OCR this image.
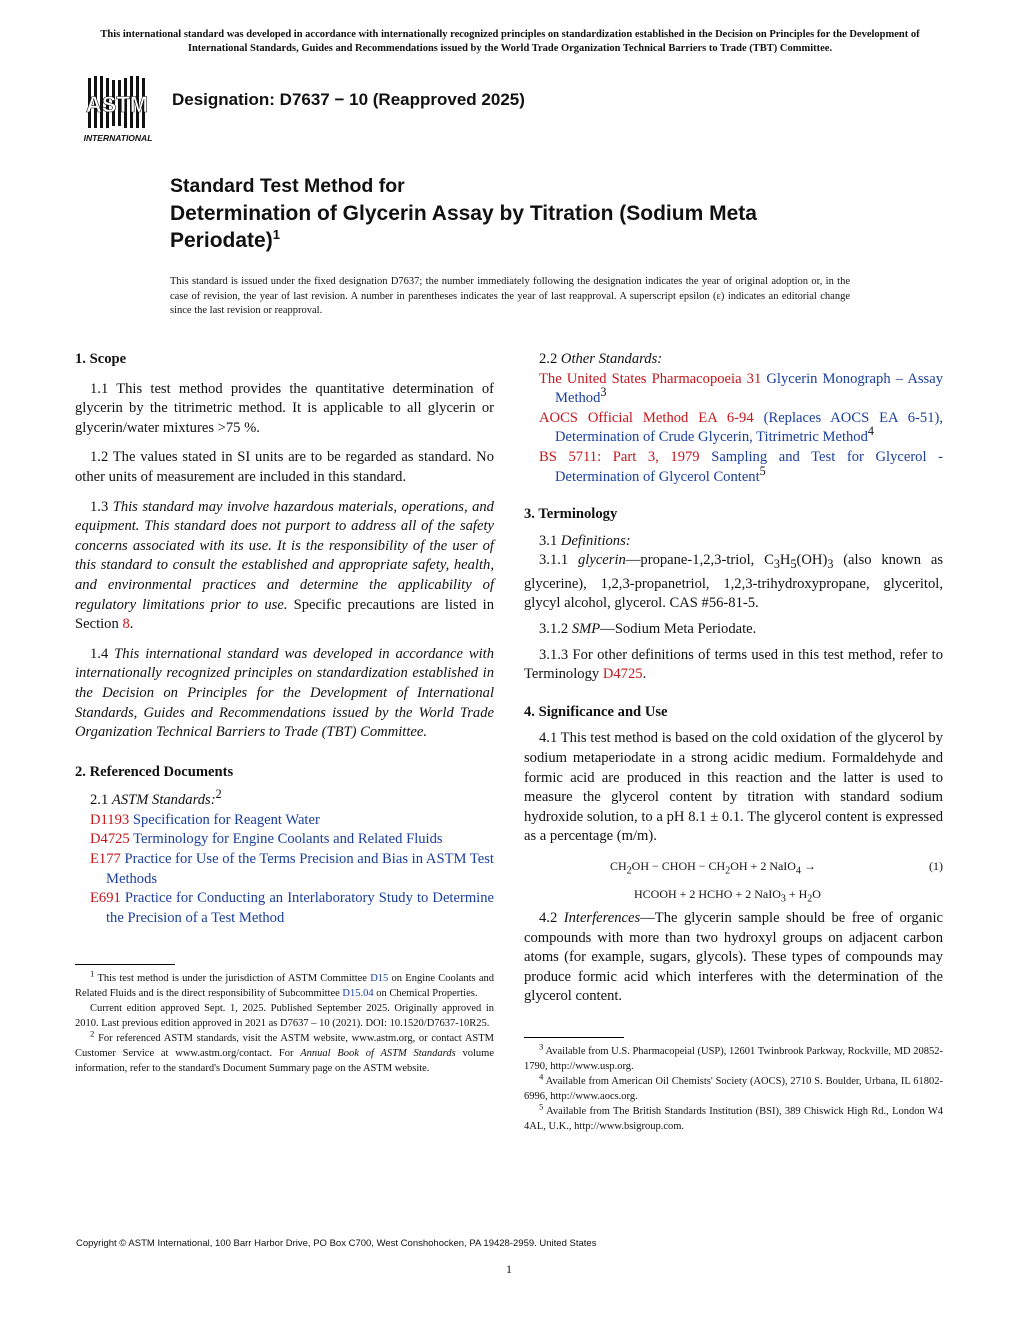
This international standard was developed in accordance with internationally recognized principles on standardization established in the Decision on Principles for the Development of International Standards, Guides and Recommendations issued by the World Trade Organization Technical Barriers to Trade (TBT) Committee.
ASTM
INTERNATIONAL
Designation: D7637 − 10 (Reapproved 2025)
Standard Test Method for
Determination of Glycerin Assay by Titration (Sodium Meta Periodate)$^1$
This standard is issued under the fixed designation D7637; the number immediately following the designation indicates the year of original adoption or, in the case of revision, the year of last revision. A number in parentheses indicates the year of last reapproval. A superscript epsilon (ε) indicates an editorial change since the last revision or reapproval.

1. Scope

1.1 This test method provides the quantitative determination of glycerin by the titrimetric method. It is applicable to all glycerin or glycerin/water mixtures >75 %.

1.2 The values stated in SI units are to be regarded as standard. No other units of measurement are included in this standard.

1.3 This standard may involve hazardous materials, operations, and equipment. This standard does not purport to address all of the safety concerns associated with its use. It is the responsibility of the user of this standard to consult the established and appropriate safety, health, and environmental practices and determine the applicability of regulatory limitations prior to use. Specific precautions are listed in Section 8.

1.4 This international standard was developed in accordance with internationally recognized principles on standardization established in the Decision on Principles for the Development of International Standards, Guides and Recommendations issued by the World Trade Organization Technical Barriers to Trade (TBT) Committee.

2. Referenced Documents

2.1 ASTM Standards:$^2$

D1193 Specification for Reagent Water

D4725 Terminology for Engine Coolants and Related Fluids

E177 Practice for Use of the Terms Precision and Bias in ASTM Test Methods

E691 Practice for Conducting an Interlaboratory Study to Determine the Precision of a Test Method

$^1$ This test method is under the jurisdiction of ASTM Committee D15 on Engine Coolants and Related Fluids and is the direct responsibility of Subcommittee D15.04 on Chemical Properties.

Current edition approved Sept. 1, 2025. Published September 2025. Originally approved in 2010. Last previous edition approved in 2021 as D7637 – 10 (2021). DOI: 10.1520/D7637-10R25.

$^2$ For referenced ASTM standards, visit the ASTM website, www.astm.org, or contact ASTM Customer Service at www.astm.org/contact. For Annual Book of ASTM Standards volume information, refer to the standard's Document Summary page on the ASTM website.

2.2 Other Standards:

The United States Pharmacopoeia 31 Glycerin Monograph – Assay Method$^3$

AOCS Official Method EA 6-94 (Replaces AOCS EA 6-51), Determination of Crude Glycerin, Titrimetric Method$^4$

BS 5711: Part 3, 1979 Sampling and Test for Glycerol - Determination of Glycerol Content$^5$

3. Terminology

3.1 Definitions:

3.1.1 glycerin—propane-1,2,3-triol, $C_3H_5(OH)_3$ (also known as glycerine), 1,2,3-propanetriol, 1,2,3-trihydroxypropane, glyceritol, glycyl alcohol, glycerol. CAS #56-81-5.

3.1.2 SMP—Sodium Meta Periodate.

3.1.3 For other definitions of terms used in this test method, refer to Terminology D4725.

4. Significance and Use

4.1 This test method is based on the cold oxidation of the glycerol by sodium metaperiodate in a strong acidic medium. Formaldehyde and formic acid are produced in this reaction and the latter is used to measure the glycerol content by titration with standard sodium hydroxide solution, to a pH 8.1 ± 0.1. The glycerol content is expressed as a percentage (m/m).

$CH_2OH$ − CHOH − $CH_2OH + 2$ NaIO$_4$ →	(1)
HCOOH + 2 HCHO + 2 NaIO$_3$ + $H_2O$

4.2 Interferences—The glycerin sample should be free of organic compounds with more than two hydroxyl groups on adjacent carbon atoms (for example, sugars, glycols). These types of compounds may produce formic acid which interferes with the determination of the glycerol content.

$^3$ Available from U.S. Pharmacopeial (USP), 12601 Twinbrook Parkway, Rockville, MD 20852-1790, http://www.usp.org.

$^4$ Available from American Oil Chemists' Society (AOCS), 2710 S. Boulder, Urbana, IL 61802-6996, http://www.aocs.org.

$^5$ Available from The British Standards Institution (BSI), 389 Chiswick High Rd., London W4 4AL, U.K., http://www.bsigroup.com.

Copyright © ASTM International, 100 Barr Harbor Drive, PO Box C700, West Conshohocken, PA 19428-2959. United States
1
